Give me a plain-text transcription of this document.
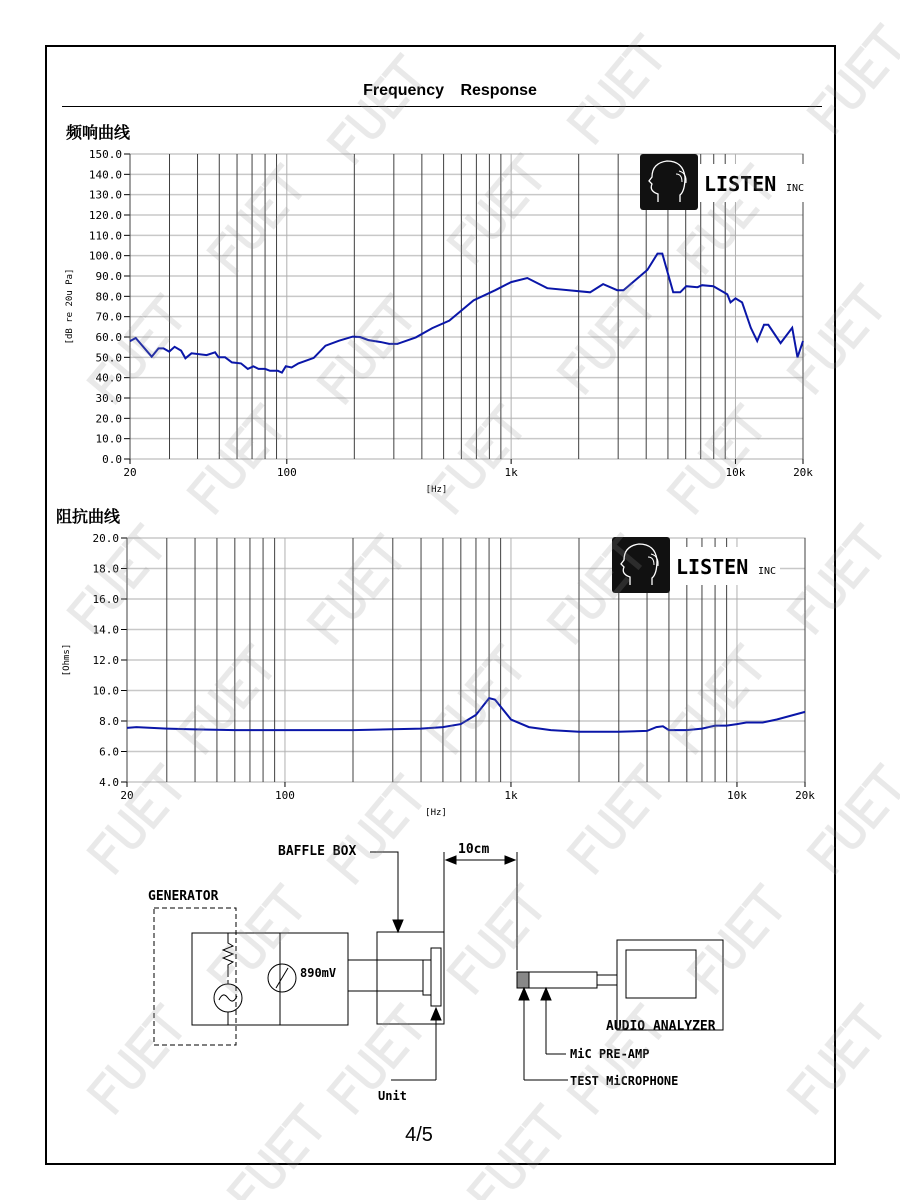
Frequency Response
频响曲线
0.0
10.0
20.0
30.0
40.0
50.0
60.0
70.0
80.0
90.0
100.0
110.0
120.0
130.0
140.0
150.0
20	100	1k	10k	20k
[Hz]
[dB re 20u Pa]
LISTEN INC
阻抗曲线
4.0
6.0
8.0
10.0
12.0
14.0
16.0
18.0
20.0
20	100	1k	10k	20k
[Hz]
[Ohms]
LISTEN INC
BAFFLE BOX	10cm
GENERATOR
890mV
AUDIO ANALYZER
MiC PRE-AMP
TEST MiCROPHONE
Unit
4/5
